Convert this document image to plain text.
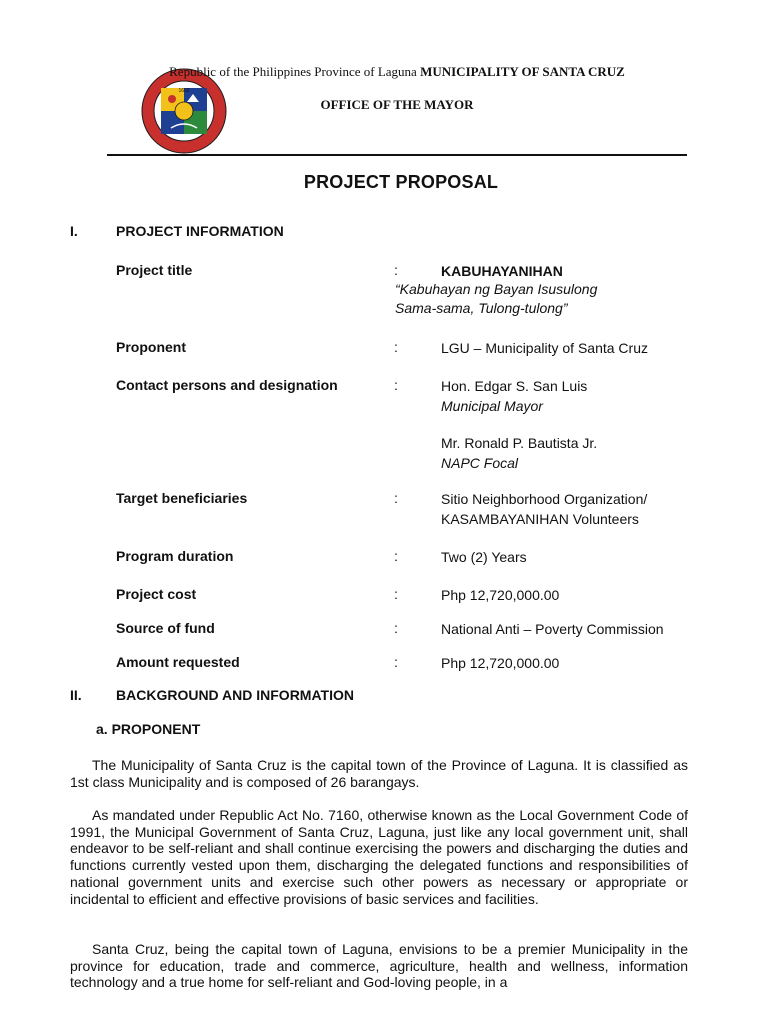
1602
Republic of the Philippines Province of Laguna MUNICIPALITY OF SANTA CRUZ
OFFICE OF THE MAYOR
PROJECT PROPOSAL
I.	PROJECT INFORMATION
Project title	:	KABUHAYANIHAN
“Kabuhayan ng Bayan Isusulong
Sama-sama, Tulong-tulong”
Proponent	:	LGU – Municipality of Santa Cruz
Contact persons and designation	:	Hon. Edgar S. San Luis
Municipal Mayor
Mr. Ronald P. Bautista Jr.
NAPC Focal
Target beneficiaries	:	Sitio Neighborhood Organization/
KASAMBAYANIHAN Volunteers
Program duration	:	Two (2) Years
Project cost	:	Php 12,720,000.00
Source of fund	:	National Anti – Poverty Commission
Amount requested	:	Php 12,720,000.00
II. BACKGROUND AND INFORMATION
a. PROPONENT
The Municipality of Santa Cruz is the capital town of the Province of Laguna. It is classified as 1st class Municipality and is composed of 26 barangays.
As mandated under Republic Act No. 7160, otherwise known as the Local Government Code of 1991, the Municipal Government of Santa Cruz, Laguna, just like any local government unit, shall endeavor to be self-reliant and shall continue exercising the powers and discharging the duties and functions currently vested upon them, discharging the delegated functions and responsibilities of national government units and exercise such other powers as necessary or appropriate or incidental to efficient and effective provisions of basic services and facilities.
Santa Cruz, being the capital town of Laguna, envisions to be a premier Municipality in the province for education, trade and commerce, agriculture, health and wellness, information technology and a true home for self-reliant and God-loving people, in a
